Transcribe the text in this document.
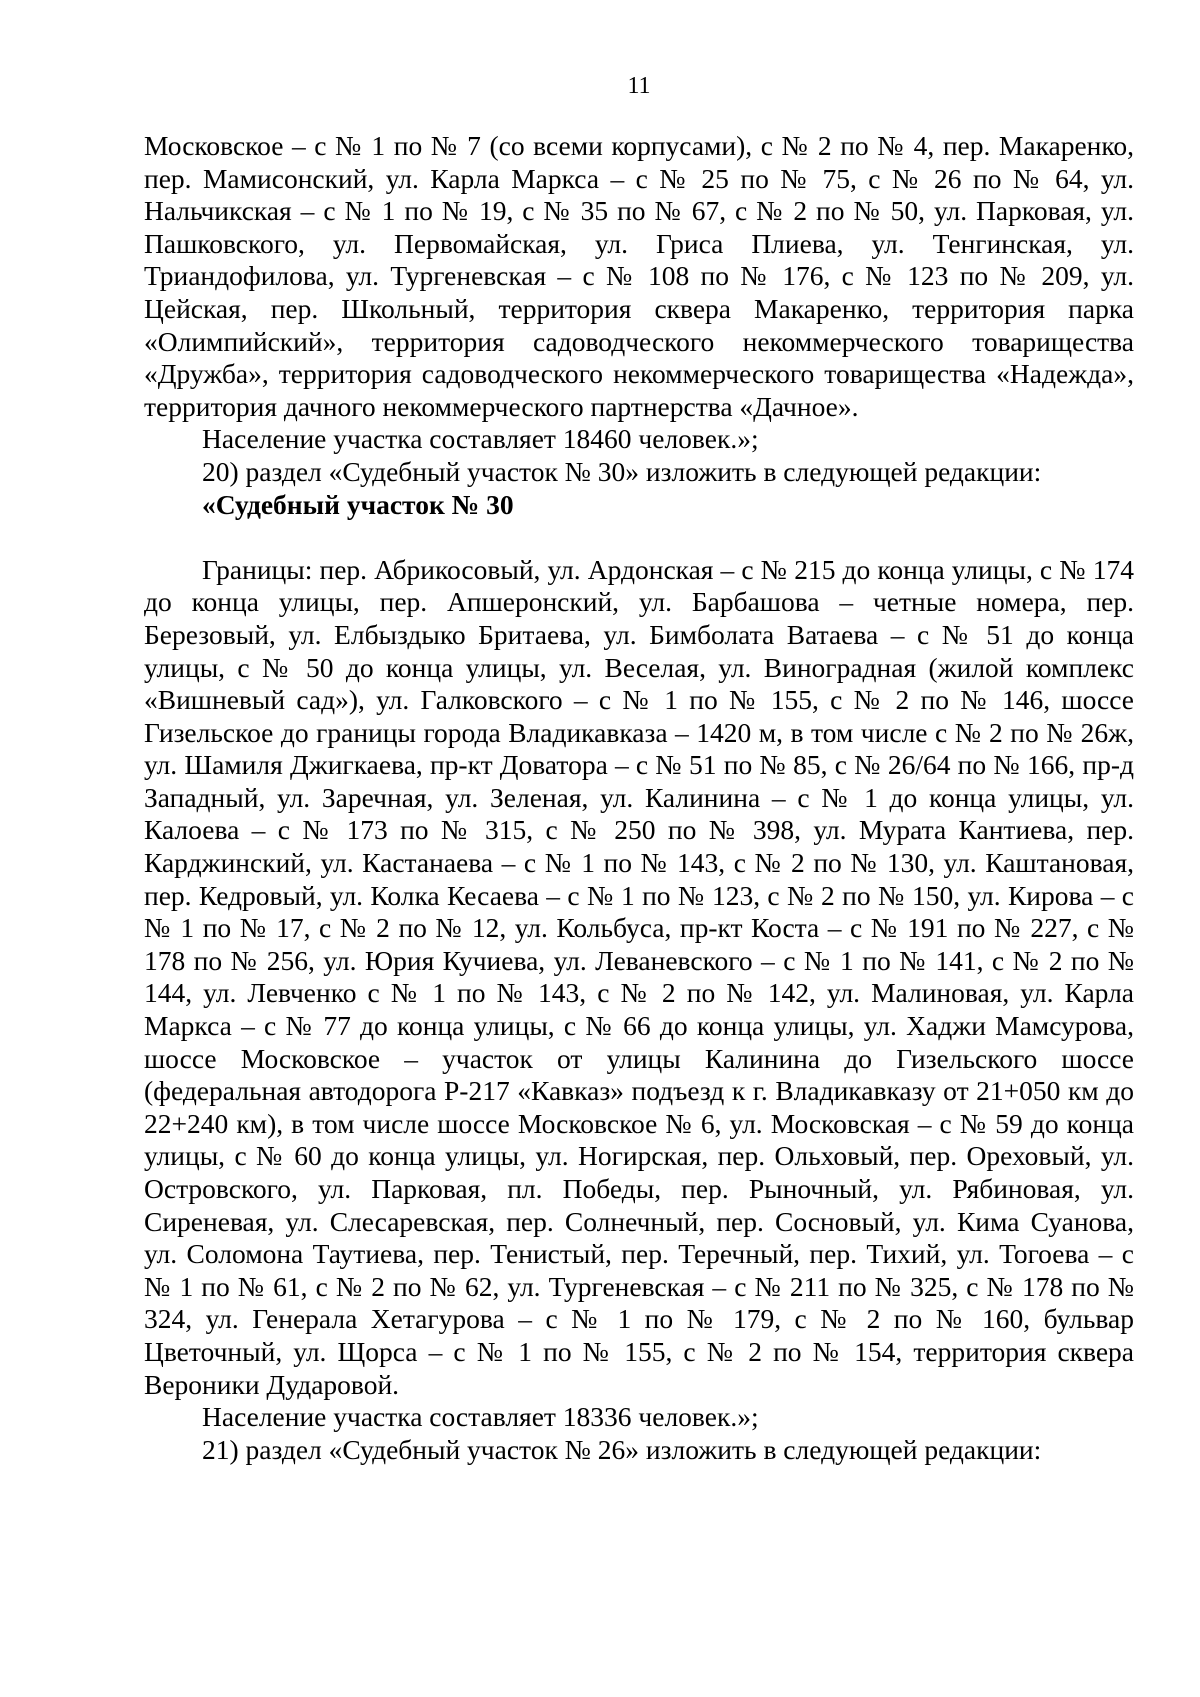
11

Московское – с № 1 по № 7 (со всеми корпусами), с № 2 по № 4, пер. Макаренко, пер. Мамисонский, ул. Карла Маркса – с № 25 по № 75, с № 26 по № 64, ул. Нальчикская – с № 1 по № 19, с № 35 по № 67, с № 2 по № 50, ул. Парковая, ул. Пашковского, ул. Первомайская, ул. Гриса Плиева, ул. Тенгинская, ул. Триандофилова, ул. Тургеневская – с № 108 по № 176, с № 123 по № 209, ул. Цейская, пер. Школьный, территория сквера Макаренко, территория парка «Олимпийский», территория садоводческого некоммерческого товарищества «Дружба», территория садоводческого некоммерческого товарищества «Надежда», территория дачного некоммерческого партнерства «Дачное».

Население участка составляет 18460 человек.»;

20) раздел «Судебный участок № 30» изложить в следующей редакции:

«Судебный участок № 30

Границы: пер. Абрикосовый, ул. Ардонская – с № 215 до конца улицы, с № 174 до конца улицы, пер. Апшеронский, ул. Барбашова – четные номера, пер. Березовый, ул. Елбыздыко Бритаева, ул. Бимболата Ватаева – с № 51 до конца улицы, с № 50 до конца улицы, ул. Веселая, ул. Виноградная (жилой комплекс «Вишневый сад»), ул. Галковского – с № 1 по № 155, с № 2 по № 146, шоссе Гизельское до границы города Владикавказа – 1420 м, в том числе с № 2 по № 26ж, ул. Шамиля Джигкаева, пр-кт Доватора – с № 51 по № 85, с № 26/64 по № 166, пр-д Западный, ул. Заречная, ул. Зеленая, ул. Калинина – с № 1 до конца улицы, ул. Калоева – с № 173 по № 315, с № 250 по № 398, ул. Мурата Кантиева, пер. Карджинский, ул. Кастанаева – с № 1 по № 143, с № 2 по № 130, ул. Каштановая, пер. Кедровый, ул. Колка Кесаева – с № 1 по № 123, с № 2 по № 150, ул. Кирова – с № 1 по № 17, с № 2 по № 12, ул. Кольбуса, пр-кт Коста – с № 191 по № 227, с № 178 по № 256, ул. Юрия Кучиева, ул. Леваневского – с № 1 по № 141, с № 2 по № 144, ул. Левченко с № 1 по № 143, с № 2 по № 142, ул. Малиновая, ул. Карла Маркса – с № 77 до конца улицы, с № 66 до конца улицы, ул. Хаджи Мамсурова, шоссе Московское – участок от улицы Калинина до Гизельского шоссе (федеральная автодорога Р-217 «Кавказ» подъезд к г. Владикавказу от 21+050 км до 22+240 км), в том числе шоссе Московское № 6, ул. Московская – с № 59 до конца улицы, с № 60 до конца улицы, ул. Ногирская, пер. Ольховый, пер. Ореховый, ул. Островского, ул. Парковая, пл. Победы, пер. Рыночный, ул. Рябиновая, ул. Сиреневая, ул. Слесаревская, пер. Солнечный, пер. Сосновый, ул. Кима Суанова, ул. Соломона Таутиева, пер. Тенистый, пер. Теречный, пер. Тихий, ул. Тогоева – с № 1 по № 61, с № 2 по № 62, ул. Тургеневская – с № 211 по № 325, с № 178 по № 324, ул. Генерала Хетагурова – с № 1 по № 179, с № 2 по № 160, бульвар Цветочный, ул. Щорса – с № 1 по № 155, с № 2 по № 154, территория сквера Вероники Дударовой.

Население участка составляет 18336 человек.»;

21) раздел «Судебный участок № 26» изложить в следующей редакции:
